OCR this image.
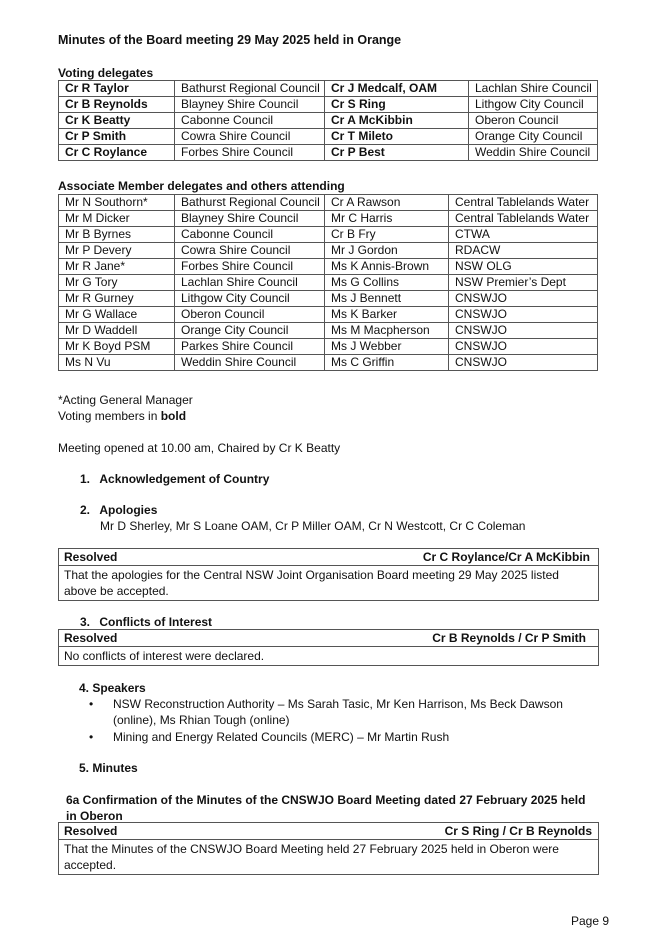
Minutes of the Board meeting 29 May 2025 held in Orange
Voting delegates
Cr R Taylor	Bathurst Regional Council	Cr J Medcalf, OAM	Lachlan Shire Council
Cr B Reynolds	Blayney Shire Council	Cr S Ring	Lithgow City Council
Cr K Beatty	Cabonne Council	Cr A McKibbin	Oberon Council
Cr P Smith	Cowra Shire Council	Cr T Mileto	Orange City Council
Cr C Roylance	Forbes Shire Council	Cr P Best	Weddin Shire Council
Associate Member delegates and others attending
Mr N Southorn*	Bathurst Regional Council	Cr A Rawson	Central Tablelands Water
Mr M Dicker	Blayney Shire Council	Mr C Harris	Central Tablelands Water
Mr B Byrnes	Cabonne Council	Cr B Fry	CTWA
Mr P Devery	Cowra Shire Council	Mr J Gordon	RDACW
Mr R Jane*	Forbes Shire Council	Ms K Annis-Brown	NSW OLG
Mr G Tory	Lachlan Shire Council	Ms G Collins	NSW Premier’s Dept
Mr R Gurney	Lithgow City Council	Ms J Bennett	CNSWJO
Mr G Wallace	Oberon Council	Ms K Barker	CNSWJO
Mr D Waddell	Orange City Council	Ms M Macpherson	CNSWJO
Mr K Boyd PSM	Parkes Shire Council	Ms J Webber	CNSWJO
Ms N Vu	Weddin Shire Council	Ms C Griffin	CNSWJO
*Acting General Manager
Voting members in bold
Meeting opened at 10.00 am, Chaired by Cr K Beatty
1. Acknowledgement of Country
2. Apologies
Mr D Sherley, Mr S Loane OAM, Cr P Miller OAM, Cr N Westcott, Cr C Coleman
Resolved	Cr C Roylance/Cr A McKibbin
That the apologies for the Central NSW Joint Organisation Board meeting 29 May 2025 listed above be accepted.
3. Conflicts of Interest
Resolved	Cr B Reynolds / Cr P Smith
No conflicts of interest were declared.
4. Speakers
• NSW Reconstruction Authority – Ms Sarah Tasic, Mr Ken Harrison, Ms Beck Dawson (online), Ms Rhian Tough (online)
• Mining and Energy Related Councils (MERC) – Mr Martin Rush
5. Minutes
6a Confirmation of the Minutes of the CNSWJO Board Meeting dated 27 February 2025 held in Oberon
Resolved	Cr S Ring / Cr B Reynolds
That the Minutes of the CNSWJO Board Meeting held 27 February 2025 held in Oberon were accepted.
Page 9
